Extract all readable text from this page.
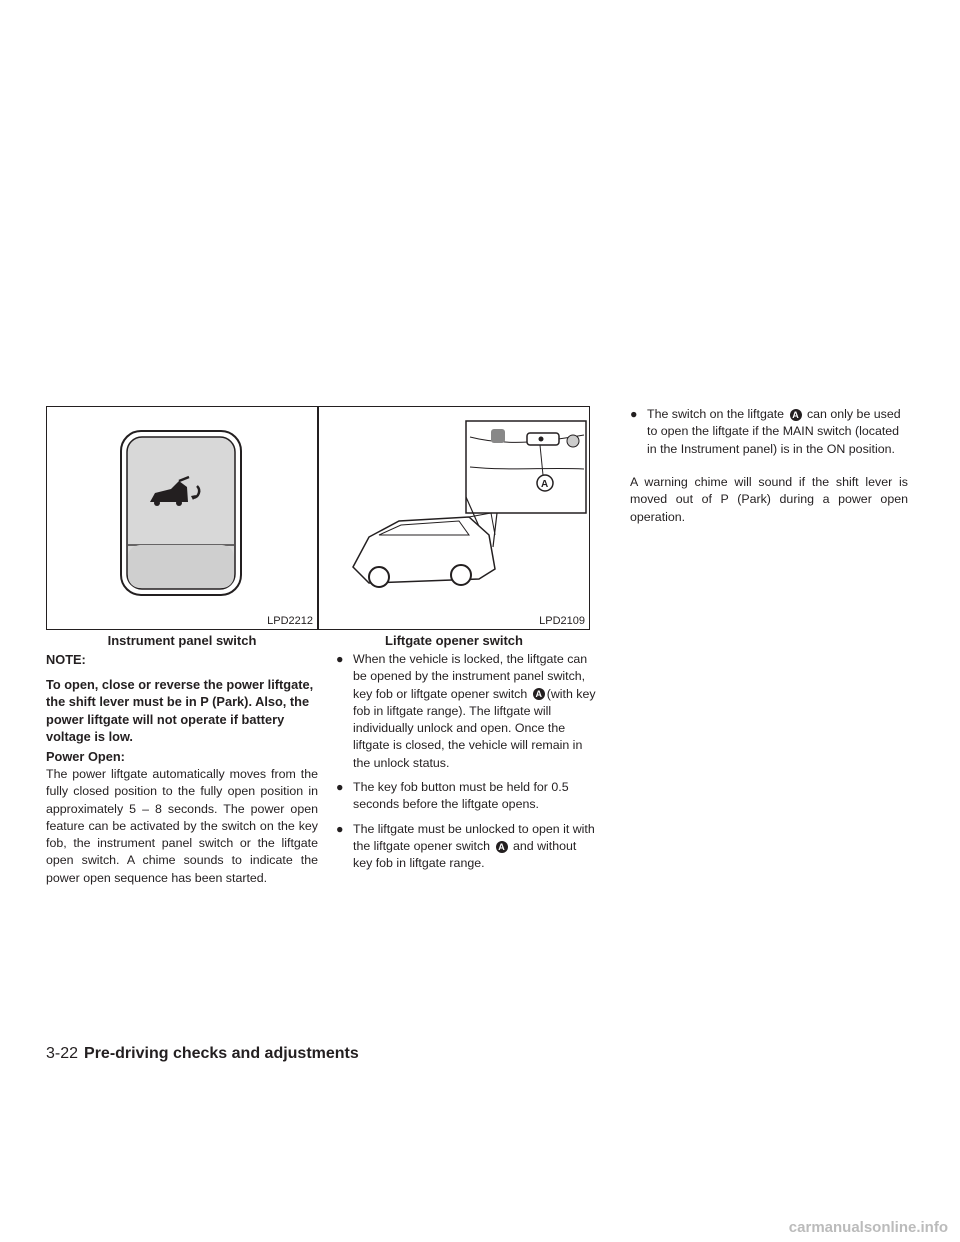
LPD2212
Instrument panel switch
A
LPD2109
Liftgate opener switch
NOTE:
To open, close or reverse the power liftgate, the shift lever must be in P (Park). Also, the power liftgate will not operate if battery voltage is low.
Power Open:
The power liftgate automatically moves from the fully closed position to the fully open position in approximately 5 – 8 seconds. The power open feature can be activated by the switch on the key fob, the instrument panel switch or the liftgate open switch. A chime sounds to indicate the power open sequence has been started.
● When the vehicle is locked, the liftgate can be opened by the instrument panel switch, key fob or liftgate opener switch A (with key fob in liftgate range). The liftgate will individually unlock and open. Once the liftgate is closed, the vehicle will remain in the unlock status.
● The key fob button must be held for 0.5 seconds before the liftgate opens.
● The liftgate must be unlocked to open it with the liftgate opener switch A and without key fob in liftgate range.
● The switch on the liftgate A can only be used to open the liftgate if the MAIN switch (located in the Instrument panel) is in the ON position.
A warning chime will sound if the shift lever is moved out of P (Park) during a power open operation.
3-22 Pre-driving checks and adjustments
carmanualsonline.info
